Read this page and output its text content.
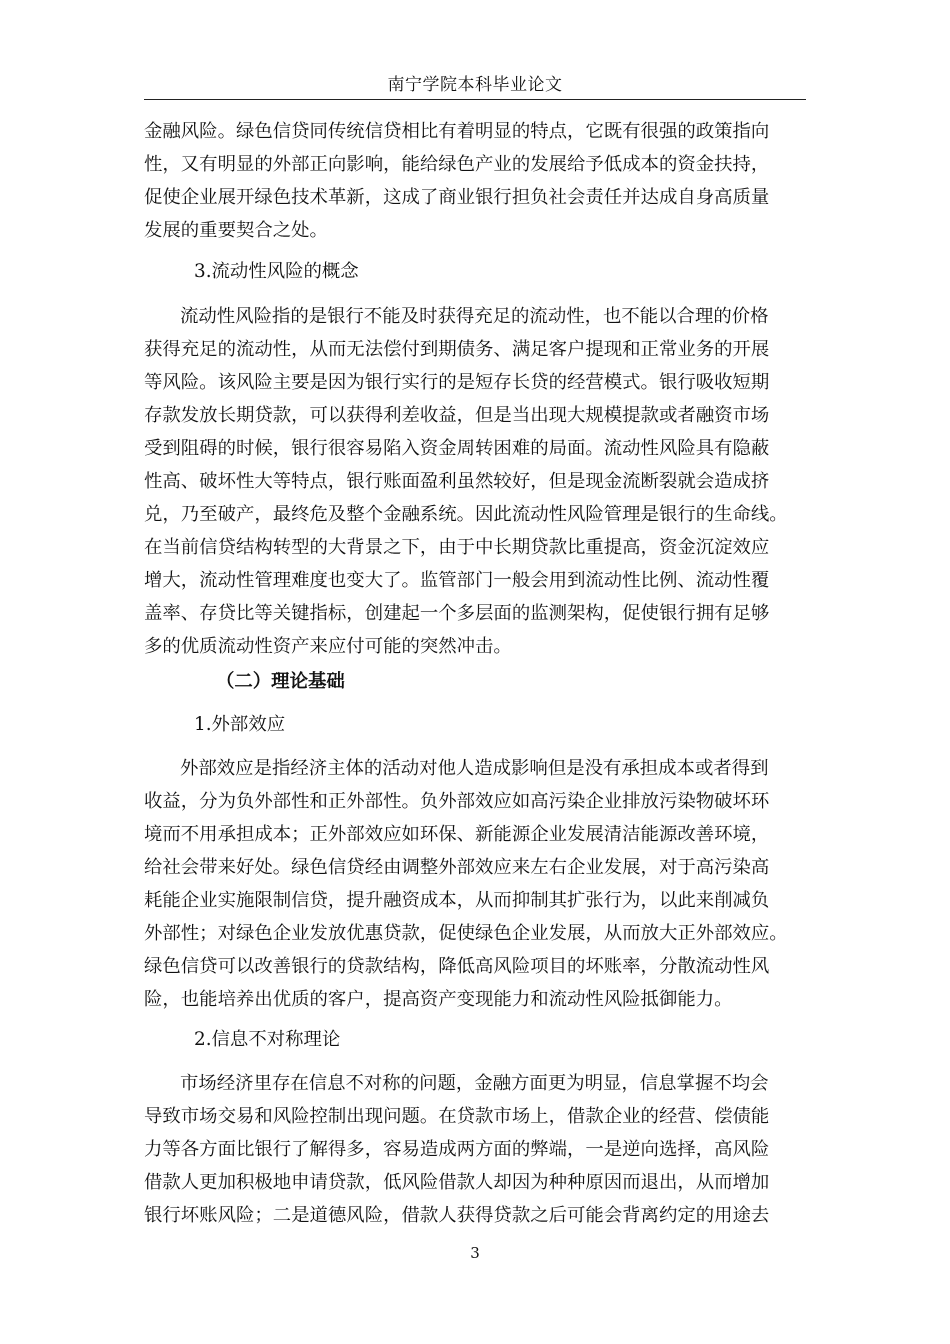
南宁学院本科毕业论文
金融风险。绿色信贷同传统信贷相比有着明显的特点，它既有很强的政策指向
性，又有明显的外部正向影响，能给绿色产业的发展给予低成本的资金扶持，
促使企业展开绿色技术革新，这成了商业银行担负社会责任并达成自身高质量
发展的重要契合之处。
3.流动性风险的概念
流动性风险指的是银行不能及时获得充足的流动性，也不能以合理的价格
获得充足的流动性，从而无法偿付到期债务、满足客户提现和正常业务的开展
等风险。该风险主要是因为银行实行的是短存长贷的经营模式。银行吸收短期
存款发放长期贷款，可以获得利差收益，但是当出现大规模提款或者融资市场
受到阻碍的时候，银行很容易陷入资金周转困难的局面。流动性风险具有隐蔽
性高、破坏性大等特点，银行账面盈利虽然较好，但是现金流断裂就会造成挤
兑，乃至破产，最终危及整个金融系统。因此流动性风险管理是银行的生命线。
在当前信贷结构转型的大背景之下，由于中长期贷款比重提高，资金沉淀效应
增大，流动性管理难度也变大了。监管部门一般会用到流动性比例、流动性覆
盖率、存贷比等关键指标，创建起一个多层面的监测架构，促使银行拥有足够
多的优质流动性资产来应付可能的突然冲击。
（二）理论基础
1.外部效应
外部效应是指经济主体的活动对他人造成影响但是没有承担成本或者得到
收益，分为负外部性和正外部性。负外部效应如高污染企业排放污染物破坏环
境而不用承担成本；正外部效应如环保、新能源企业发展清洁能源改善环境，
给社会带来好处。绿色信贷经由调整外部效应来左右企业发展，对于高污染高
耗能企业实施限制信贷，提升融资成本，从而抑制其扩张行为，以此来削减负
外部性；对绿色企业发放优惠贷款，促使绿色企业发展，从而放大正外部效应。
绿色信贷可以改善银行的贷款结构，降低高风险项目的坏账率，分散流动性风
险，也能培养出优质的客户，提高资产变现能力和流动性风险抵御能力。
2.信息不对称理论
市场经济里存在信息不对称的问题，金融方面更为明显，信息掌握不均会
导致市场交易和风险控制出现问题。在贷款市场上，借款企业的经营、偿债能
力等各方面比银行了解得多，容易造成两方面的弊端，一是逆向选择，高风险
借款人更加积极地申请贷款，低风险借款人却因为种种原因而退出，从而增加
银行坏账风险；二是道德风险，借款人获得贷款之后可能会背离约定的用途去
3
